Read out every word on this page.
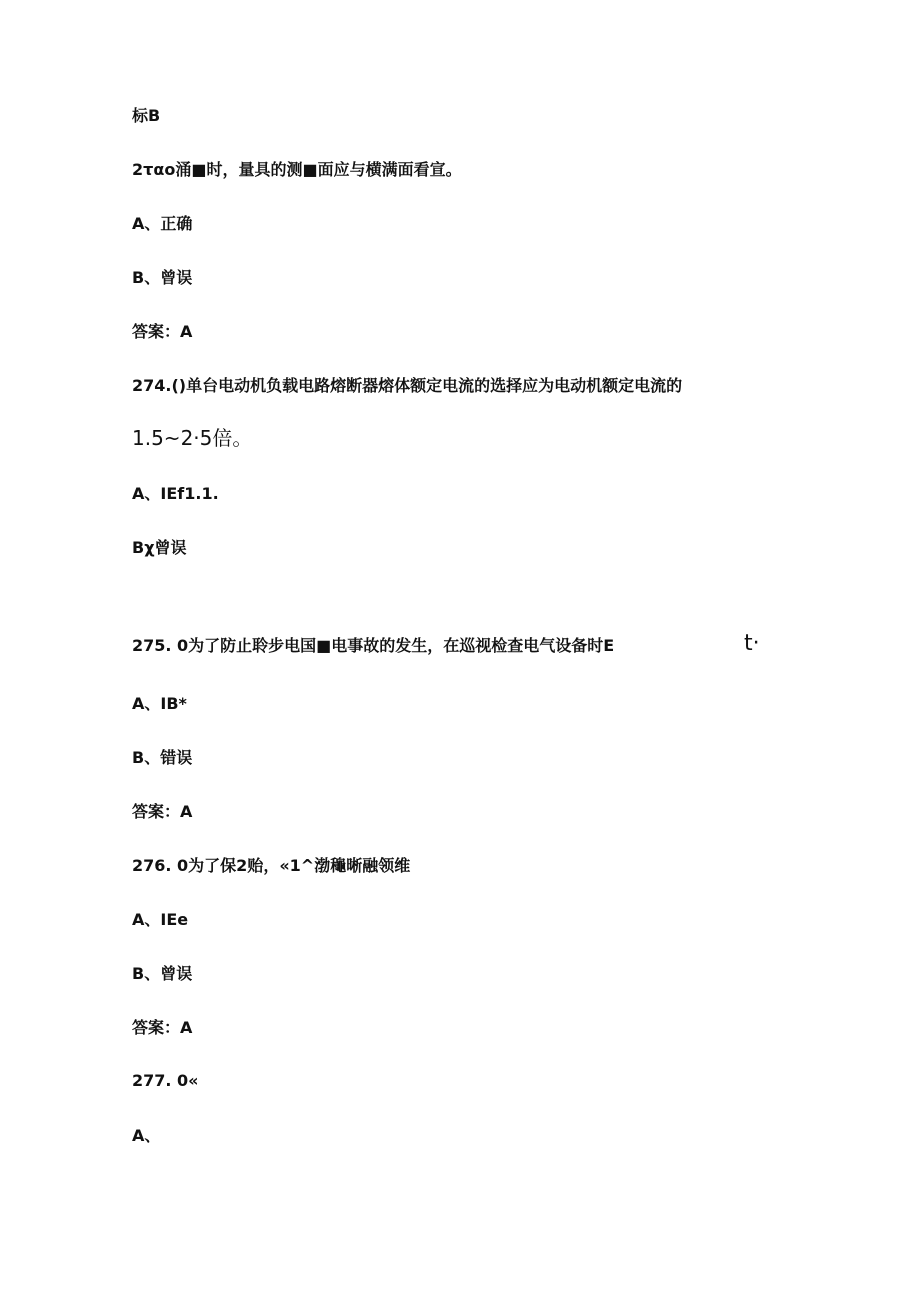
标B
2ταo涌■时，量具的测■面应与横满面看宣。
A、正确
B、曾误
答案：A
274.()单台电动机负载电路熔断器熔体额定电流的选择应为电动机额定电流的
1.5~2·5倍。
A、IEf1.1.
Bχ曾误
275. 0为了防止聆步电国■电事故的发生，在巡视检查电气设备时E	t·
A、IB*
B、错误
答案：A
276. 0为了保2贻，«1^渤龝晰融领维
A、IEe
B、曾误
答案：A
277. 0«
A、
